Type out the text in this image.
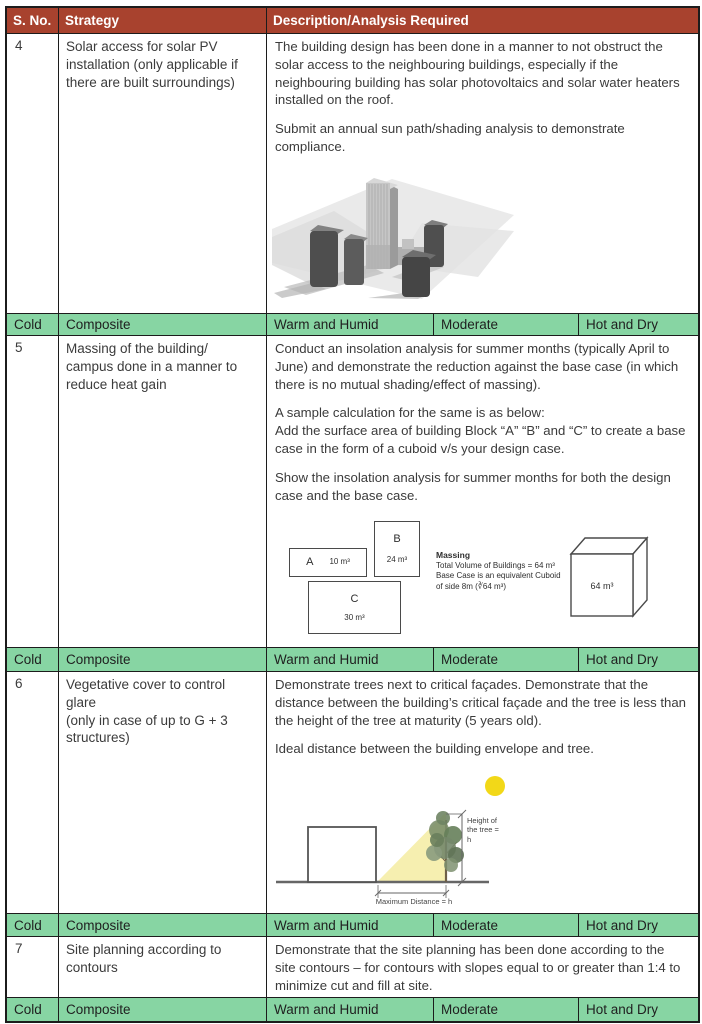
S. No. Strategy	Description/Analysis Required
4	Solar access for solar PV installation (only applicable if there are built surroundings)

The building design has been done in a manner to not obstruct the solar access to the neighbouring buildings, especially if the neighbouring building has solar photovoltaics and solar water heaters installed on the roof.

Submit an annual sun path/shading analysis to demonstrate compliance.

Cold Composite	Warm and Humid	Moderate	Hot and Dry
5	Massing of the building/
campus done in a manner to reduce heat gain

Conduct an insolation analysis for summer months (typically April to June) and demonstrate the reduction against the base case (in which there is no mutual shading/effect of massing).

A sample calculation for the same is as below:

Add the surface area of building Block “A” “B” and “C” to create a base case in the form of a cuboid v/s your design case.

Show the insolation analysis for summer months for both the design case and the base case.

A 10 m³
B
24 m³
C
30 m³
Massing
Total Volume of Buildings = 64 m³
Base Case is an equivalent Cuboid
of side 8m (∛64 m³)	64 m³
Cold Composite	Warm and Humid	Moderate	Hot and Dry
6	Vegetative cover to control glare
(only in case of up to G + 3 structures)

Demonstrate trees next to critical façades. Demonstrate that the distance between the building’s critical façade and the tree is less than the height of the tree at maturity (5 years old).

Ideal distance between the building envelope and tree.

Height of the tree = h
Maximum Distance = h
Cold Composite	Warm and Humid	Moderate	Hot and Dry
7	Site planning according to contours

Demonstrate that the site planning has been done according to the site contours – for contours with slopes equal to or greater than 1:4 to minimize cut and fill at site.

Cold Composite	Warm and Humid	Moderate	Hot and Dry
